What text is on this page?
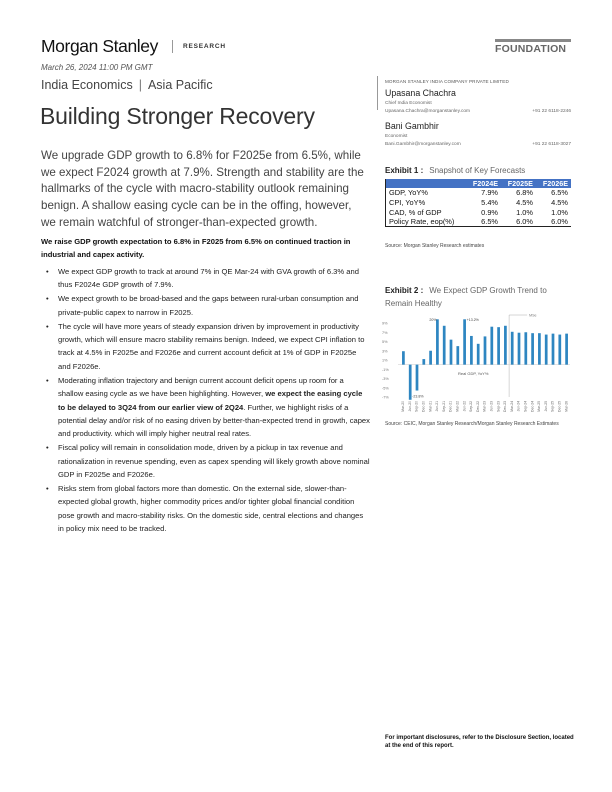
Morgan Stanley	RESEARCH	FOUNDATION
March 26, 2024 11:00 PM GMT
India Economics | Asia Pacific
Building Stronger Recovery

We upgrade GDP growth to 6.8% for F2025e from 6.5%, while we expect F2024 growth at 7.9%. Strength and stability are the hallmarks of the cycle with macro-stability outlook remaining benign. A shallow easing cycle can be in the offing, however, we remain watchful of stronger-than-expected growth.

We raise GDP growth expectation to 6.8% in F2025 from 6.5% on continued traction in industrial and capex activity.

• We expect GDP growth to track at around 7% in QE Mar-24 with GVA growth of 6.3% and thus F2024e GDP growth of 7.9%.
• We expect growth to be broad-based and the gaps between rural-urban consumption and private-public capex to narrow in F2025.
• The cycle will have more years of steady expansion driven by improvement in productivity growth, which will ensure macro stability remains benign. Indeed, we expect CPI inflation to track at 4.5% in F2025e and F2026e and current account deficit at 1% of GDP in F2025e and F2026e.
• Moderating inflation trajectory and benign current account deficit opens up room for a shallow easing cycle as we have been highlighting. However, we expect the easing cycle to be delayed to 3Q24 from our earlier view of 2Q24. Further, we highlight risks of a potential delay and/or risk of no easing driven by better-than-expected trend in growth, capex and productivity. which will imply higher neutral real rates.
• Fiscal policy will remain in consolidation mode, driven by a pickup in tax revenue and rationalization in revenue spending, even as capex spending will likely growth above nominal GDP in F2025e and F2026e.
• Risks stem from global factors more than domestic. On the external side, slower-than-expected global growth, higher commodity prices and/or tighter global financial condition pose growth and macro-stability risks. On the domestic side, central elections and changes in policy mix need to be tracked.
MORGAN STANLEY INDIA COMPANY PRIVATE LIMITED
Upasana Chachra
Chief India Economist
Upasana.Chachra@morganstanley.com	+91 22 6118-2246
Bani Gambhir
Economist
Bani.Gambhir@morganstanley.com	+91 22 6118-3027
Exhibit 1 : Snapshot of Key Forecasts
	F2024E	F2025E	F2026E
GDP, YoY%	7.9%	6.8%	6.5%
CPI, YoY%	5.4%	4.5%	4.5%
CAD, % of GDP	0.9%	1.0%	1.0%
Policy Rate, eop(%)	6.5%	6.0%	6.0%
Source: Morgan Stanley Research estimates
Exhibit 2 : We Expect GDP Growth Trend to Remain Healthy
9%
7%
5%
3%
1%
-1%
-3%
-5%
-7%
Mar-20 Jun-20 Sep-20 Dec-20 Mar-21 Jun-21 Sep-21 Dec-21 Mar-22 Jun-22 Sep-22 Dec-22 Mar-23 Jun-23 Sep-23 Dec-23 Mar-24 Jun-24 Sep-24 Dec-24 Mar-25 Jun-25 Sep-25 Dec-25 Mar-26
MSe
20%	+13.2%
-23.8%
Real GDP, YoY%
Source: CEIC, Morgan Stanley Research/Morgan Stanley Research Estimates
For important disclosures, refer to the Disclosure Section, located at the end of this report.
